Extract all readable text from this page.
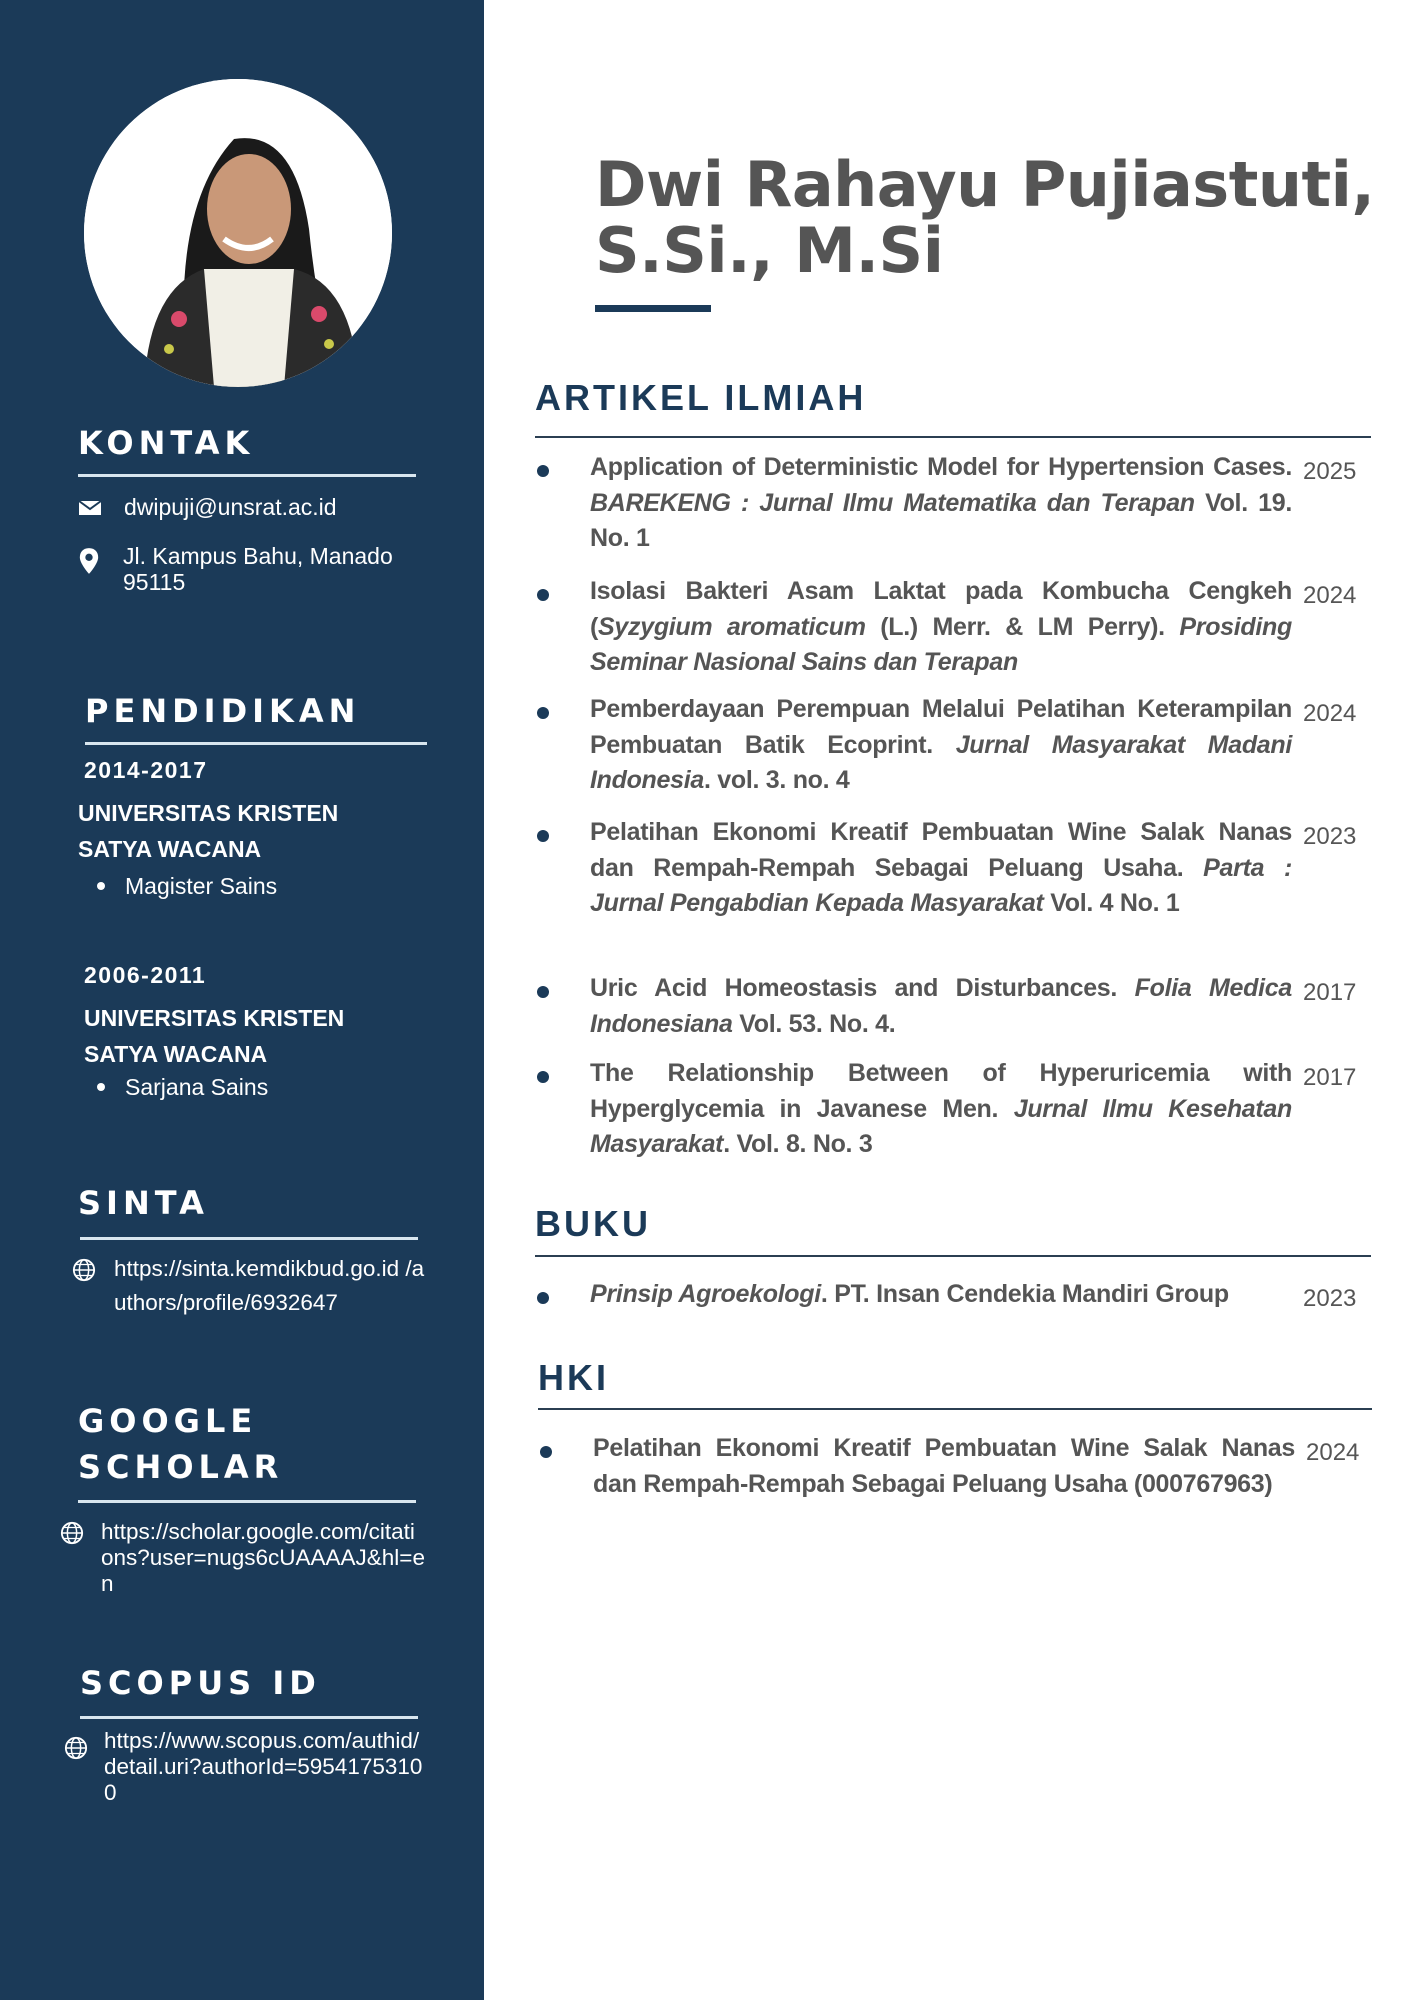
KONTAK
dwipuji@unsrat.ac.id
Jl. Kampus Bahu, Manado 95115
PENDIDIKAN
2014-2017
UNIVERSITAS KRISTEN SATYA WACANA
Magister Sains
2006-2011
UNIVERSITAS KRISTEN SATYA WACANA
Sarjana Sains
SINTA
https://sinta.kemdikbud.go.id /authors/profile/6932647
GOOGLE
SCHOLAR
https://scholar.google.com/citations?user=nugs6cUAAAAJ&hl=en
SCOPUS ID
https://www.scopus.com/authid/detail.uri?authorId=59541753100
Dwi Rahayu Pujiastuti,
S.Si., M.Si
ARTIKEL ILMIAH
Application of Deterministic Model for Hypertension Cases. BAREKENG : Jurnal Ilmu Matematika dan Terapan Vol. 19. No. 1
2025
Isolasi Bakteri Asam Laktat pada Kombucha Cengkeh (Syzygium aromaticum (L.) Merr. & LM Perry). Prosiding Seminar Nasional Sains dan Terapan
2024
Pemberdayaan Perempuan Melalui Pelatihan Keterampilan Pembuatan Batik Ecoprint. Jurnal Masyarakat Madani Indonesia. vol. 3. no. 4
2024
Pelatihan Ekonomi Kreatif Pembuatan Wine Salak Nanas dan Rempah-Rempah Sebagai Peluang Usaha. Parta : Jurnal Pengabdian Kepada Masyarakat Vol. 4 No. 1
2023
Uric Acid Homeostasis and Disturbances. Folia Medica Indonesiana Vol. 53. No. 4.
2017
The Relationship Between of Hyperuricemia with Hyperglycemia in Javanese Men. Jurnal Ilmu Kesehatan Masyarakat. Vol. 8. No. 3
2017
BUKU
Prinsip Agroekologi. PT. Insan Cendekia Mandiri Group	2023
HKI
Pelatihan Ekonomi Kreatif Pembuatan Wine Salak Nanas dan Rempah-Rempah Sebagai Peluang Usaha (000767963)
2024
